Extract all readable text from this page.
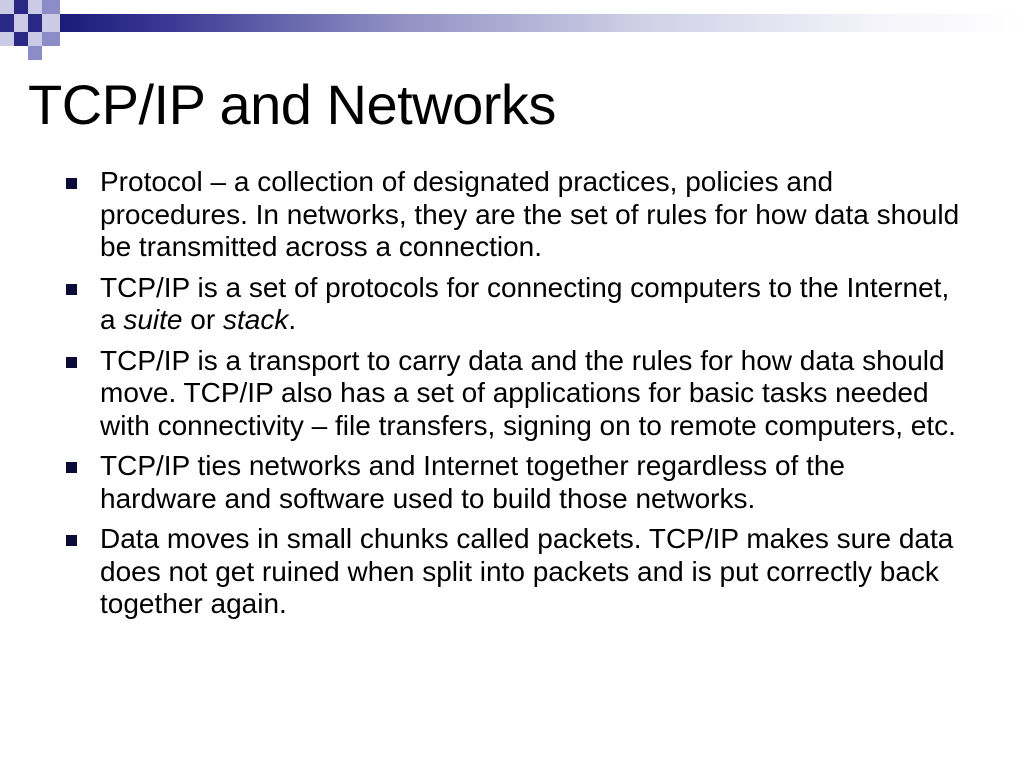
TCP/IP and Networks
Protocol – a collection of designated practices, policies and procedures. In networks, they are the set of rules for how data should be transmitted across a connection.
TCP/IP is a set of protocols for connecting computers to the Internet, a suite or stack.
TCP/IP is a transport to carry data and the rules for how data should move. TCP/IP also has a set of applications for basic tasks needed with connectivity – file transfers, signing on to remote computers, etc.
TCP/IP ties networks and Internet together regardless of the hardware and software used to build those networks.
Data moves in small chunks called packets. TCP/IP makes sure data does not get ruined when split into packets and is put correctly back together again.
